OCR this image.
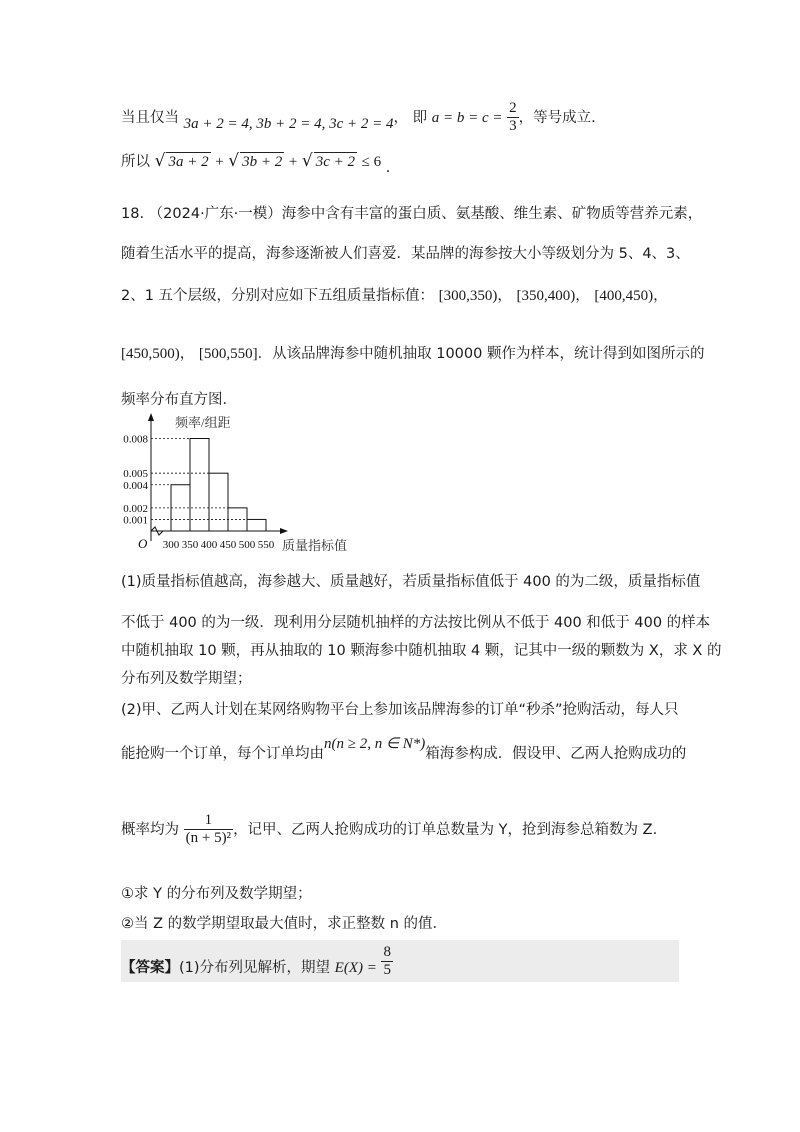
当且仅当 3a + 2 = 4, 3b + 2 = 4, 3c + 2 = 4， 即 $a = b = c = \frac{2}{3}$ ，等号成立.
所以 √ 3a + 2 + √ 3b + 2 + √ 3c + 2 ≤ 6 .
18. （2024·广东·一模）海参中含有丰富的蛋白质、氨基酸、维生素、矿物质等营养元素，
随着生活水平的提高，海参逐渐被人们喜爱．某品牌的海参按大小等级划分为 5、4、3、
2、1 五个层级，分别对应如下五组质量指标值： [300,350)， [350,400)， [400,450)，
[450,500)， [500,550]．从该品牌海参中随机抽取 10000 颗作为样本，统计得到如图所示的
频率分布直方图．
频率/组距
质量指标值
O
0.008
0.005
0.004
0.002
0.001
300 350 400 450 500 550
(1)质量指标值越高，海参越大、质量越好，若质量指标值低于 400 的为二级，质量指标值
不低于 400 的为一级．现利用分层随机抽样的方法按比例从不低于 400 和低于 400 的样本
中随机抽取 10 颗，再从抽取的 10 颗海参中随机抽取 4 颗，记其中一级的颗数为 X，求 X 的
分布列及数学期望；
(2)甲、乙两人计划在某网络购物平台上参加该品牌海参的订单“秒杀”抢购活动，每人只
能抢购一个订单，每个订单均由n(n ≥ 2, n ∈ N*)箱海参构成．假设甲、乙两人抢购成功的
概率均为 $\frac{1}{\text{(n + 5)²}}$ ，记甲、乙两人抢购成功的订单总数量为 Y，抢到海参总箱数为 Z.
①求 Y 的分布列及数学期望；
②当 Z 的数学期望取最大值时，求正整数 n 的值．
【答案】(1)分布列见解析，期望 $E(X) = \frac{8}{5}$
